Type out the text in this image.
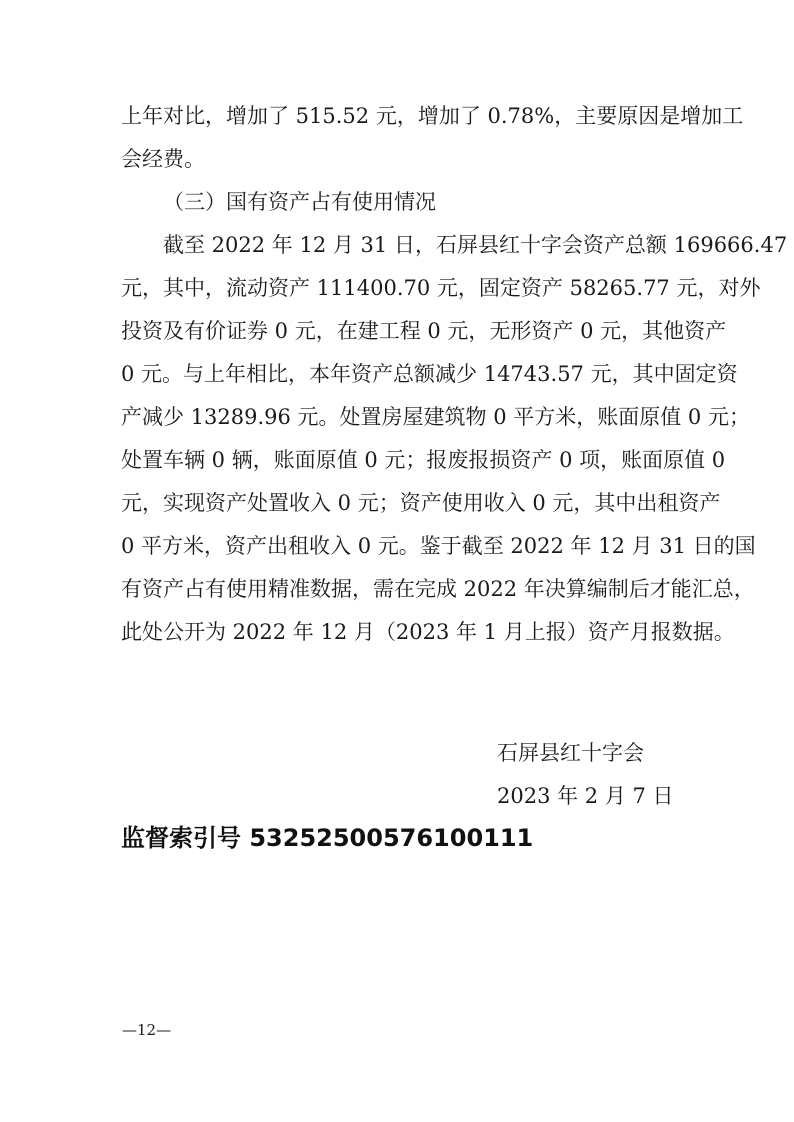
上年对比，增加了 515.52 元，增加了 0.78%，主要原因是增加工
会经费。
（三）国有资产占有使用情况
截至 2022 年 12 月 31 日，石屏县红十字会资产总额 169666.47
元，其中，流动资产 111400.70 元，固定资产 58265.77 元，对外
投资及有价证券 0 元，在建工程 0 元，无形资产 0 元，其他资产
0 元。与上年相比，本年资产总额减少 14743.57 元，其中固定资
产减少 13289.96 元。处置房屋建筑物 0 平方米，账面原值 0 元；
处置车辆 0 辆，账面原值 0 元；报废报损资产 0 项，账面原值 0
元，实现资产处置收入 0 元；资产使用收入 0 元，其中出租资产
0 平方米，资产出租收入 0 元。鉴于截至 2022 年 12 月 31 日的国
有资产占有使用精准数据，需在完成 2022 年决算编制后才能汇总，
此处公开为 2022 年 12 月（2023 年 1 月上报）资产月报数据。
石屏县红十字会
2023 年 2 月 7 日
监督索引号 53252500576100111
—12—
